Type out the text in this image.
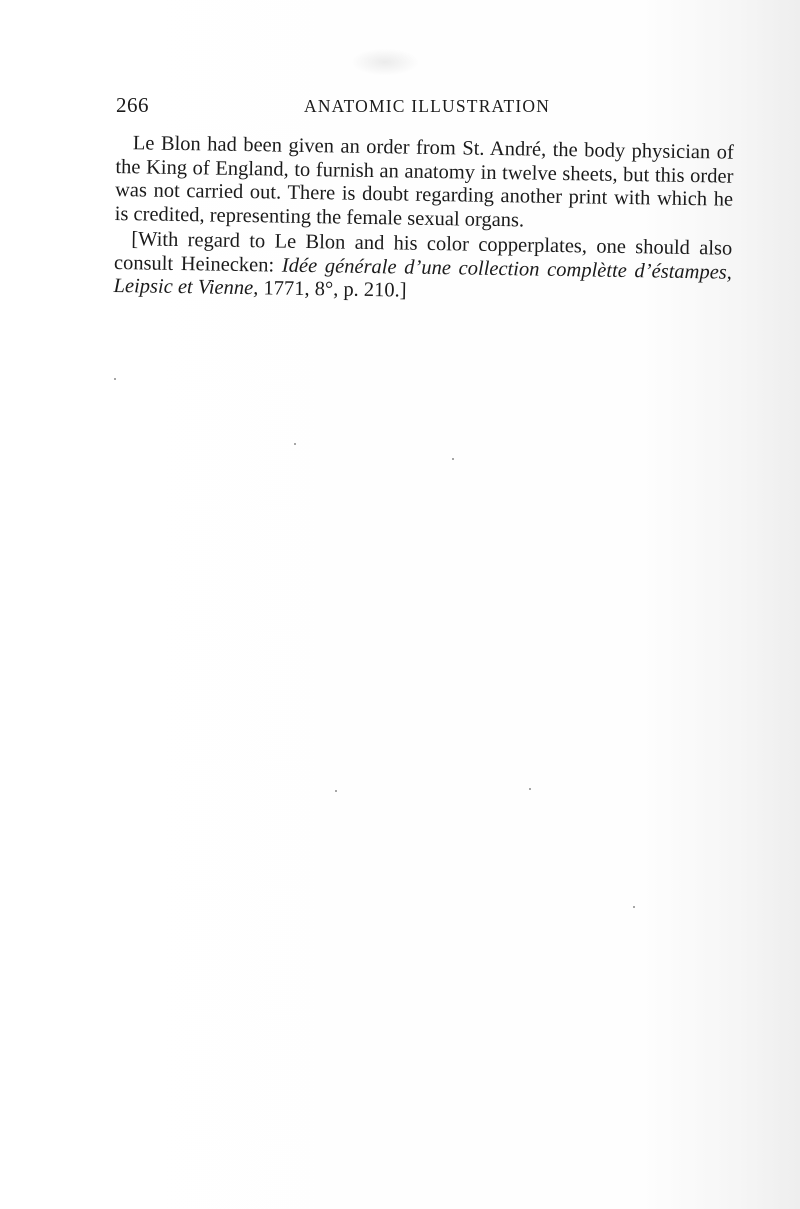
266	ANATOMIC ILLUSTRATION

Le Blon had been given an order from St. André, the body physician of the King of England, to furnish an anatomy in twelve sheets, but this order was not carried out. There is doubt regarding another print with which he is credited, representing the female sexual organs.

[With regard to Le Blon and his color copperplates, one should also consult Heinecken: Idée générale d’une collection complètte d’éstampes, Leipsic et Vienne, 1771, 8°, p. 210.]
